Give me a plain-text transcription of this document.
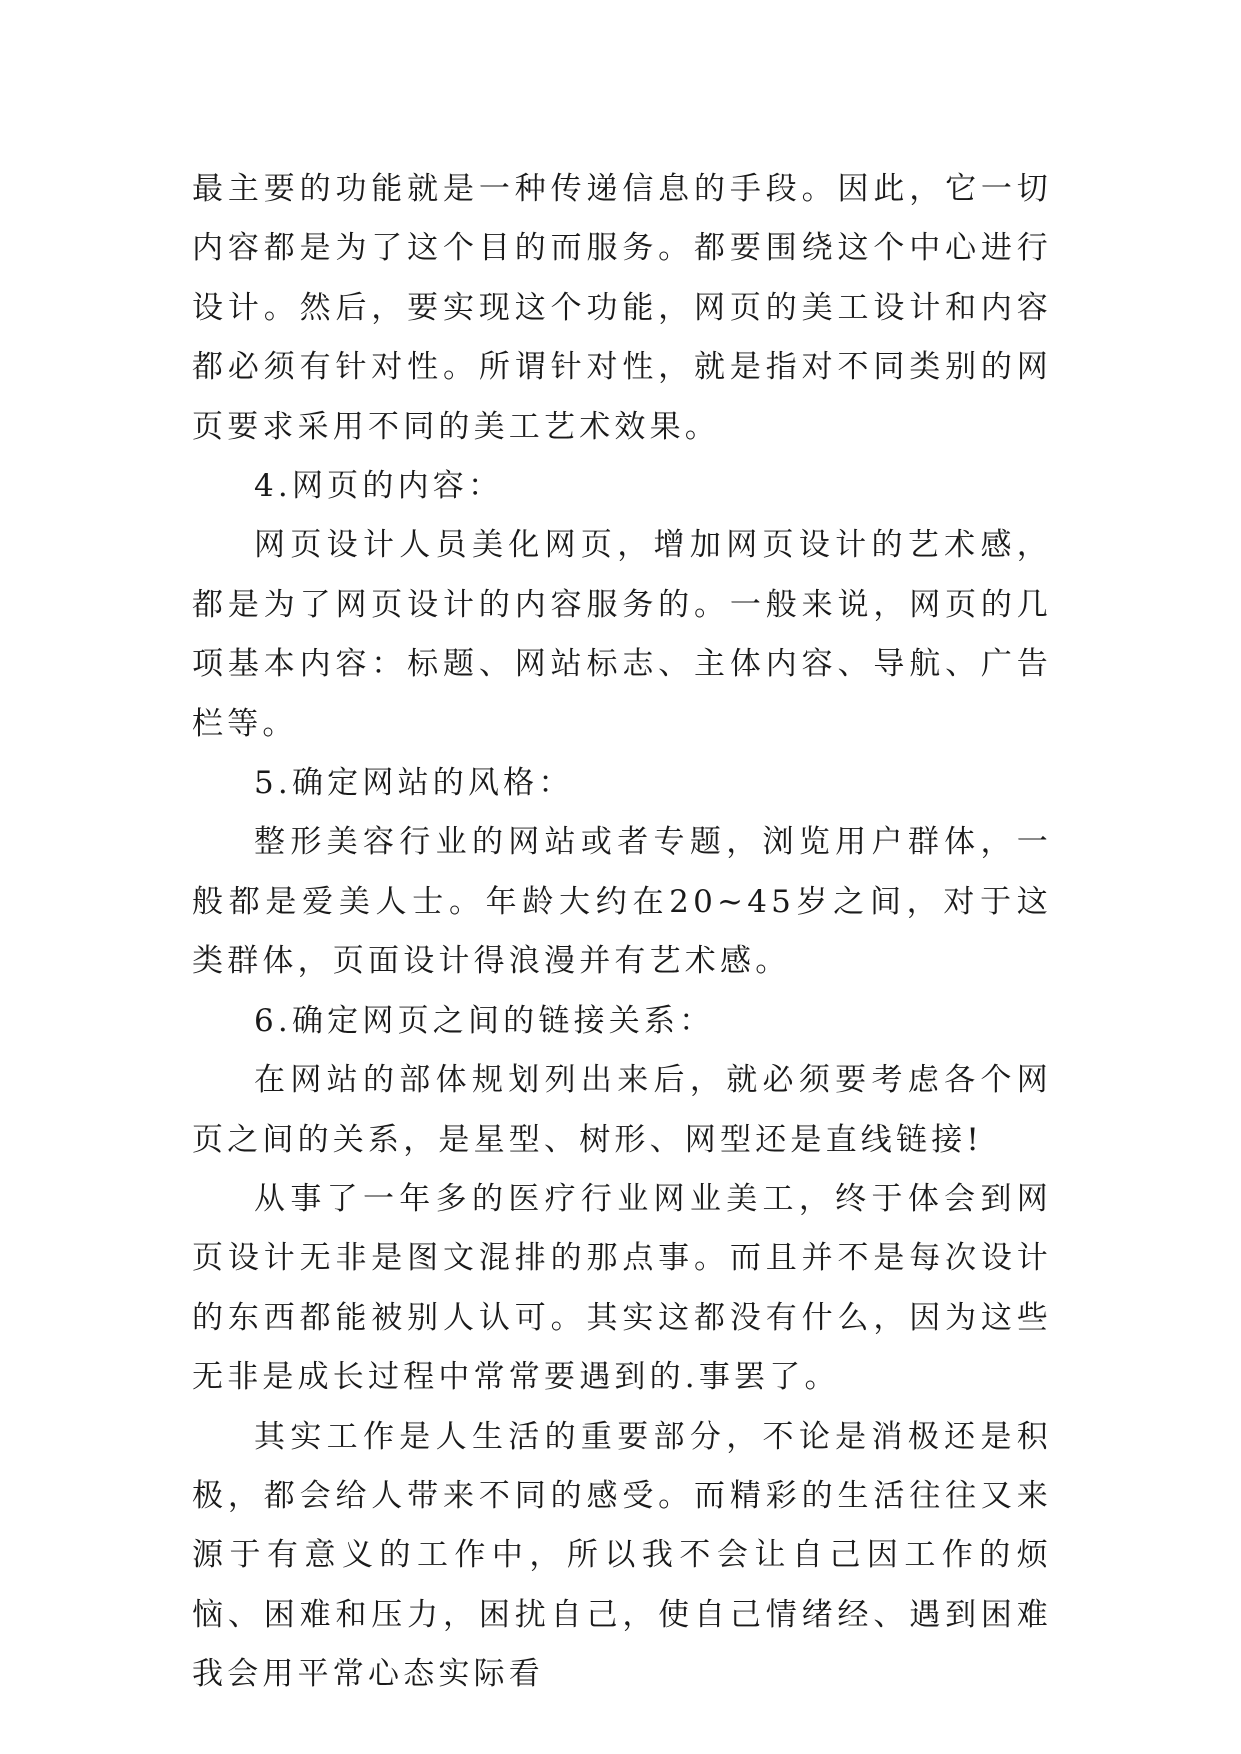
最主要的功能就是一种传递信息的手段。因此，它一切内容都是为了这个目的而服务。都要围绕这个中心进行设计。然后，要实现这个功能，网页的美工设计和内容都必须有针对性。所谓针对性，就是指对不同类别的网页要求采用不同的美工艺术效果。

4.网页的内容：

网页设计人员美化网页，增加网页设计的艺术感，都是为了网页设计的内容服务的。一般来说，网页的几项基本内容：标题、网站标志、主体内容、导航、广告栏等。

5.确定网站的风格：

整形美容行业的网站或者专题，浏览用户群体，一般都是爱美人士。年龄大约在20~45岁之间，对于这类群体，页面设计得浪漫并有艺术感。

6.确定网页之间的链接关系：

在网站的部体规划列出来后，就必须要考虑各个网页之间的关系，是星型、树形、网型还是直线链接!

从事了一年多的医疗行业网业美工，终于体会到网页设计无非是图文混排的那点事。而且并不是每次设计的东西都能被别人认可。其实这都没有什么，因为这些无非是成长过程中常常要遇到的.事罢了。

其实工作是人生活的重要部分，不论是消极还是积极，都会给人带来不同的感受。而精彩的生活往往又来源于有意义的工作中，所以我不会让自己因工作的烦恼、困难和压力，困扰自己，使自己情绪经、遇到困难我会用平常心态实际看
